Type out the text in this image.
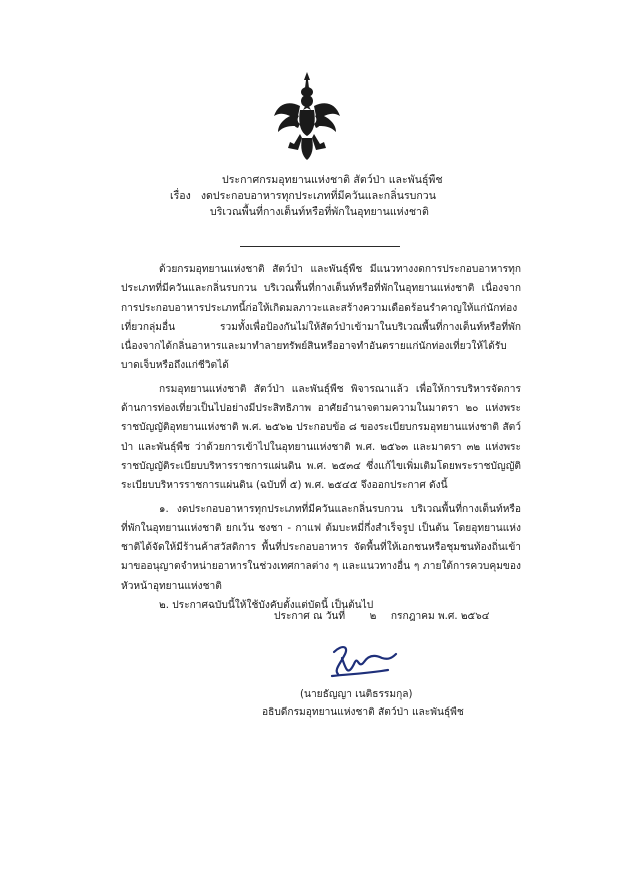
ประกาศกรมอุทยานแห่งชาติ สัตว์ป่า และพันธุ์พืช
เรื่อง งดประกอบอาหารทุกประเภทที่มีควันและกลิ่นรบกวน
บริเวณพื้นที่กางเต็นท์หรือที่พักในอุทยานแห่งชาติ

ด้วยกรมอุทยานแห่งชาติ สัตว์ป่า และพันธุ์พืช มีแนวทางงดการประกอบอาหารทุกประเภทที่มีควันและกลิ่นรบกวน บริเวณพื้นที่กางเต็นท์หรือที่พักในอุทยานแห่งชาติ เนื่องจากการประกอบอาหารประเภทนี้ก่อให้เกิดมลภาวะและสร้างความเดือดร้อนรำคาญให้แก่นักท่องเที่ยวกลุ่มอื่น รวมทั้งเพื่อป้องกันไม่ให้สัตว์ป่าเข้ามาในบริเวณพื้นที่กางเต็นท์หรือที่พัก เนื่องจากได้กลิ่นอาหารและมาทำลายทรัพย์สินหรืออาจทำอันตรายแก่นักท่องเที่ยวให้ได้รับบาดเจ็บหรือถึงแก่ชีวิตได้

กรมอุทยานแห่งชาติ สัตว์ป่า และพันธุ์พืช พิจารณาแล้ว เพื่อให้การบริหารจัดการด้านการท่องเที่ยวเป็นไปอย่างมีประสิทธิภาพ อาศัยอำนาจตามความในมาตรา ๒๐ แห่งพระราชบัญญัติอุทยานแห่งชาติ พ.ศ. ๒๕๖๒ ประกอบข้อ ๘ ของระเบียบกรมอุทยานแห่งชาติ สัตว์ป่า และพันธุ์พืช ว่าด้วยการเข้าไปในอุทยานแห่งชาติ พ.ศ. ๒๕๖๓ และมาตรา ๓๒ แห่งพระราชบัญญัติระเบียบบริหารราชการแผ่นดิน พ.ศ. ๒๕๓๔ ซึ่งแก้ไขเพิ่มเติมโดยพระราชบัญญัติระเบียบบริหารราชการแผ่นดิน (ฉบับที่ ๕) พ.ศ. ๒๕๔๕ จึงออกประกาศ ดังนี้

๑. งดประกอบอาหารทุกประเภทที่มีควันและกลิ่นรบกวน บริเวณพื้นที่กางเต็นท์หรือที่พักในอุทยานแห่งชาติ ยกเว้น ชงชา - กาแฟ ต้มบะหมี่กึ่งสำเร็จรูป เป็นต้น โดยอุทยานแห่งชาติได้จัดให้มีร้านค้าสวัสดิการ พื้นที่ประกอบอาหาร จัดพื้นที่ให้เอกชนหรือชุมชนท้องถิ่นเข้ามาขออนุญาตจำหน่ายอาหารในช่วงเทศกาลต่าง ๆ และแนวทางอื่น ๆ ภายใต้การควบคุมของหัวหน้าอุทยานแห่งชาติ

๒. ประกาศฉบับนี้ให้ใช้บังคับตั้งแต่บัดนี้ เป็นต้นไป

ประกาศ ณ วันที่ ๒ กรกฎาคม พ.ศ. ๒๕๖๔
(นายธัญญา เนติธรรมกุล)
อธิบดีกรมอุทยานแห่งชาติ สัตว์ป่า และพันธุ์พืช
